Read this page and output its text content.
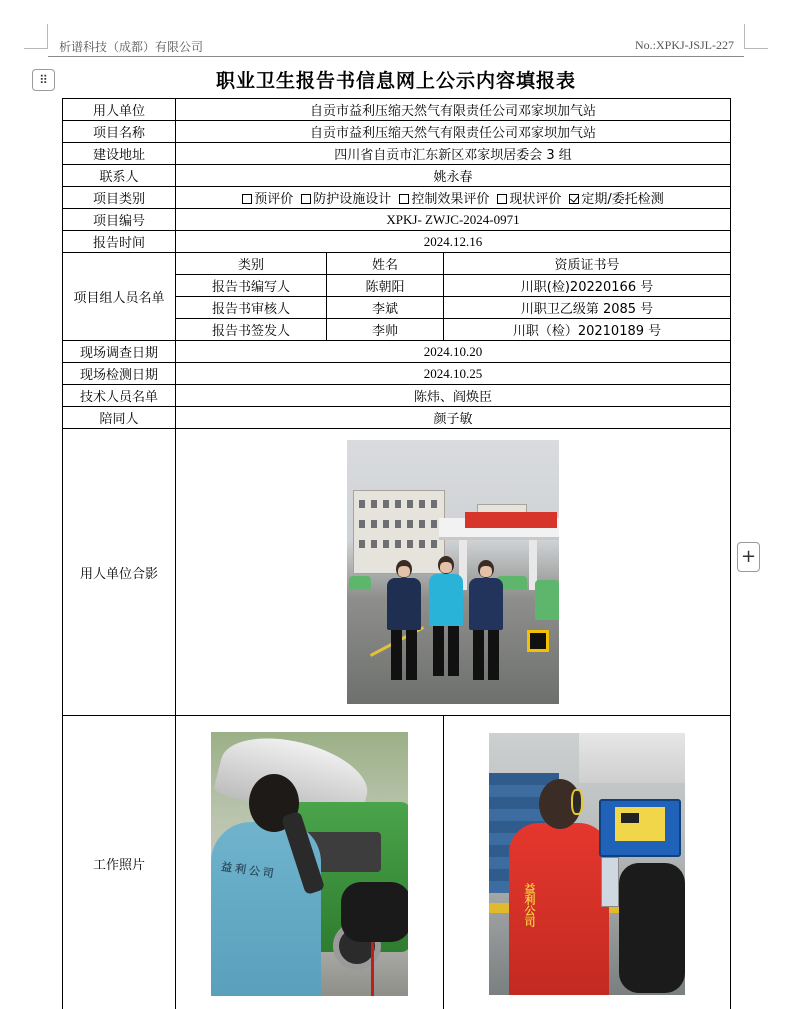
析谱科技（成都）有限公司	No.:XPKJ-JSJL-227
⠿
+
职业卫生报告书信息网上公示内容填报表
用人单位	自贡市益利压缩天然气有限责任公司邓家坝加气站		
项目名称	自贡市益利压缩天然气有限责任公司邓家坝加气站		
建设地址	四川省自贡市汇东新区邓家坝居委会 3 组		
联系人	姚永春		
项目类别	预评价 防护设施设计 控制效果评价 现状评价 定期/委托检测		
项目编号	XPKJ- ZWJC-2024-0971		
报告时间	2024.12.16		
项目组人员名单	类别	姓名	资质证书号
	报告书编写人	陈朝阳	川职(检)20220166 号
	报告书审核人	李斌	川职卫乙级第 2085 号
	报告书签发人	李帅	川职（检）20210189 号
现场调查日期	2024.10.20		
现场检测日期	2024.10.25		
技术人员名单	陈炜、阎焕臣		
陪同人	颜子敏		
用人单位合影			

工作照片	益利公司		益利公司
